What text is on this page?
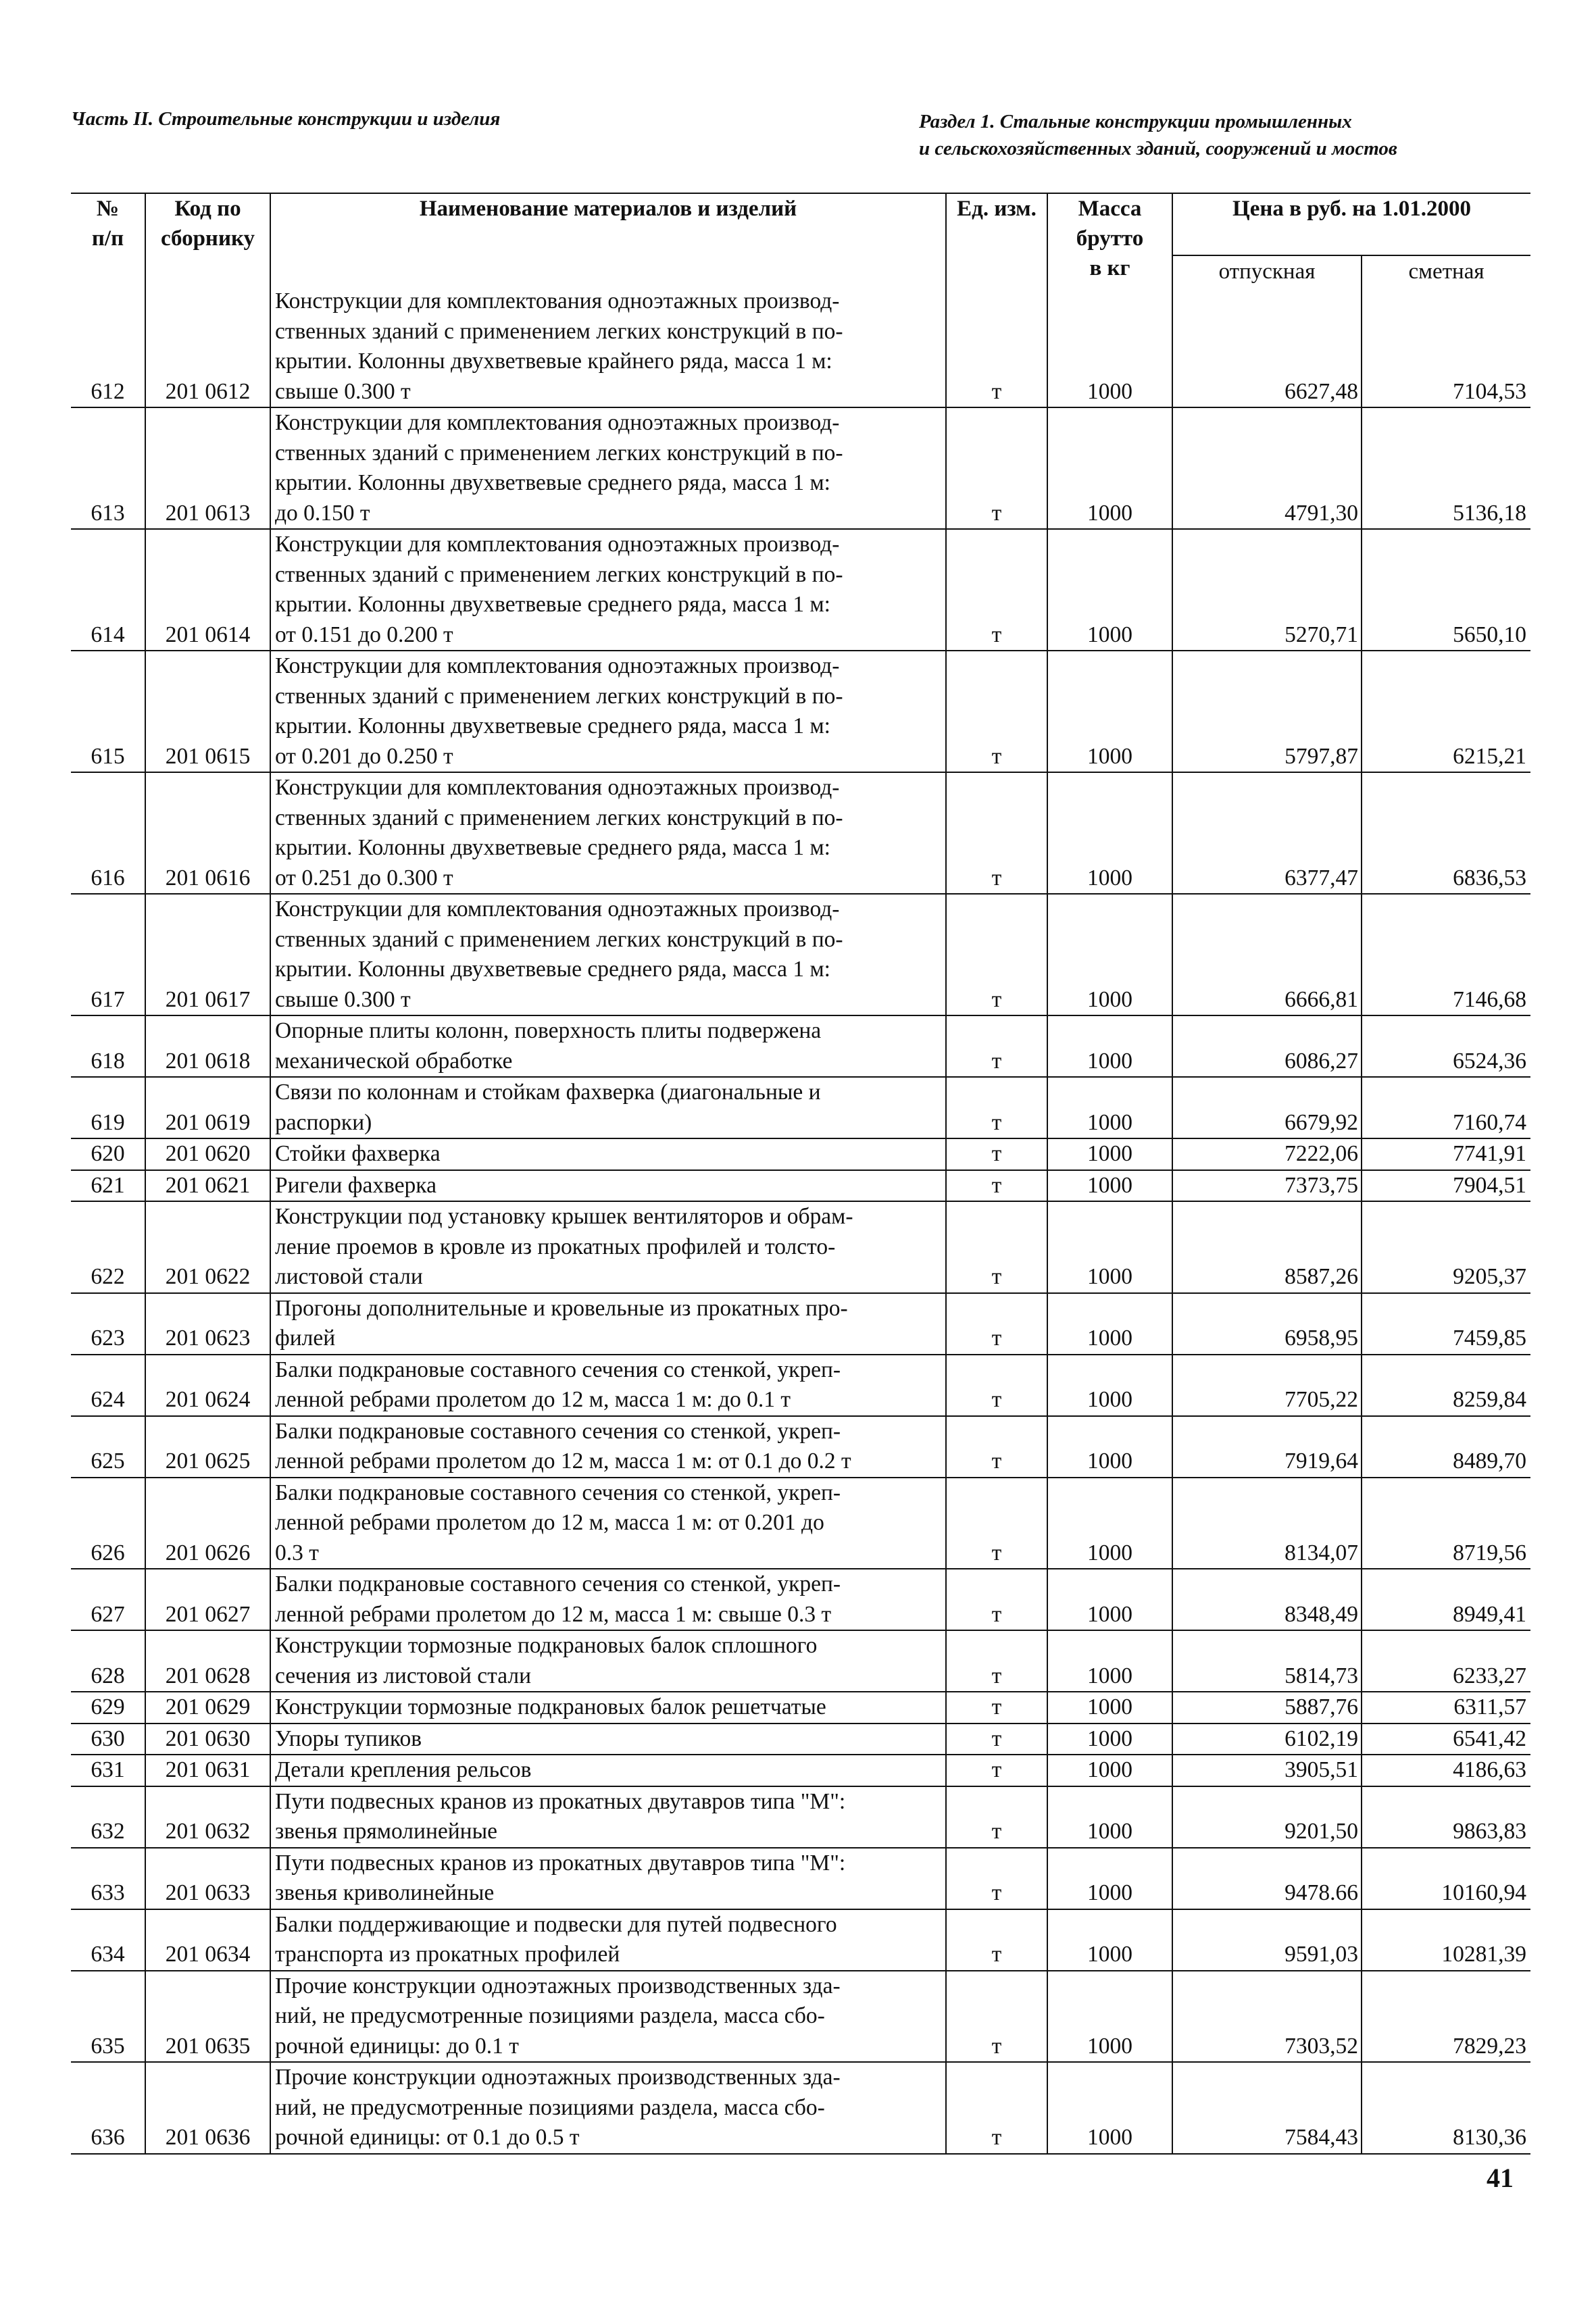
Часть II. Строительные конструкции и изделия	Раздел 1. Стальные конструкции промышленных
и сельскохозяйственных зданий, сооружений и мостов
№
п/п	Код по
сборнику	Наименование материалов и изделий	Ед. изм.	Масса
брутто
в кг	Цена в руб. на 1.01.2000	
					отпускная	сметная
612	201 0612	Конструкции для комплектования одноэтажных производ-
ственных зданий с применением легких конструкций в по-
крытии. Колонны двухветвевые крайнего ряда, масса 1 м:
свыше 0.300 т	т	1000	6627,48	7104,53
613	201 0613	Конструкции для комплектования одноэтажных производ-
ственных зданий с применением легких конструкций в по-
крытии. Колонны двухветвевые среднего ряда, масса 1 м:
до 0.150 т	т	1000	4791,30	5136,18
614	201 0614	Конструкции для комплектования одноэтажных производ-
ственных зданий с применением легких конструкций в по-
крытии. Колонны двухветвевые среднего ряда, масса 1 м:
от 0.151 до 0.200 т	т	1000	5270,71	5650,10
615	201 0615	Конструкции для комплектования одноэтажных производ-
ственных зданий с применением легких конструкций в по-
крытии. Колонны двухветвевые среднего ряда, масса 1 м:
от 0.201 до 0.250 т	т	1000	5797,87	6215,21
616	201 0616	Конструкции для комплектования одноэтажных производ-
ственных зданий с применением легких конструкций в по-
крытии. Колонны двухветвевые среднего ряда, масса 1 м:
от 0.251 до 0.300 т	т	1000	6377,47	6836,53
617	201 0617	Конструкции для комплектования одноэтажных производ-
ственных зданий с применением легких конструкций в по-
крытии. Колонны двухветвевые среднего ряда, масса 1 м:
свыше 0.300 т	т	1000	6666,81	7146,68
618	201 0618	Опорные плиты колонн, поверхность плиты подвержена
механической обработке	т	1000	6086,27	6524,36
619	201 0619	Связи по колоннам и стойкам фахверка (диагональные и
распорки)	т	1000	6679,92	7160,74
620	201 0620	Стойки фахверка	т	1000	7222,06	7741,91
621	201 0621	Ригели фахверка	т	1000	7373,75	7904,51
622	201 0622	Конструкции под установку крышек вентиляторов и обрам-
ление проемов в кровле из прокатных профилей и толсто-
листовой стали	т	1000	8587,26	9205,37
623	201 0623	Прогоны дополнительные и кровельные из прокатных про-
филей	т	1000	6958,95	7459,85
624	201 0624	Балки подкрановые составного сечения со стенкой, укреп-
ленной ребрами пролетом до 12 м, масса 1 м: до 0.1 т	т	1000	7705,22	8259,84
625	201 0625	Балки подкрановые составного сечения со стенкой, укреп-
ленной ребрами пролетом до 12 м, масса 1 м: от 0.1 до 0.2 т	т	1000	7919,64	8489,70
626	201 0626	Балки подкрановые составного сечения со стенкой, укреп-
ленной ребрами пролетом до 12 м, масса 1 м: от 0.201 до
0.3 т	т	1000	8134,07	8719,56
627	201 0627	Балки подкрановые составного сечения со стенкой, укреп-
ленной ребрами пролетом до 12 м, масса 1 м: свыше 0.3 т	т	1000	8348,49	8949,41
628	201 0628	Конструкции тормозные подкрановых балок сплошного
сечения из листовой стали	т	1000	5814,73	6233,27
629	201 0629	Конструкции тормозные подкрановых балок решетчатые	т	1000	5887,76	6311,57
630	201 0630	Упоры тупиков	т	1000	6102,19	6541,42
631	201 0631	Детали крепления рельсов	т	1000	3905,51	4186,63
632	201 0632	Пути подвесных кранов из прокатных двутавров типа "М":
звенья прямолинейные	т	1000	9201,50	9863,83
633	201 0633	Пути подвесных кранов из прокатных двутавров типа "М":
звенья криволинейные	т	1000	9478.66	10160,94
634	201 0634	Балки поддерживающие и подвески для путей подвесного
транспорта из прокатных профилей	т	1000	9591,03	10281,39
635	201 0635	Прочие конструкции одноэтажных производственных зда-
ний, не предусмотренные позициями раздела, масса сбо-
рочной единицы: до 0.1 т	т	1000	7303,52	7829,23
636	201 0636	Прочие конструкции одноэтажных производственных зда-
ний, не предусмотренные позициями раздела, масса сбо-
рочной единицы: от 0.1 до 0.5 т	т	1000	7584,43	8130,36
41
